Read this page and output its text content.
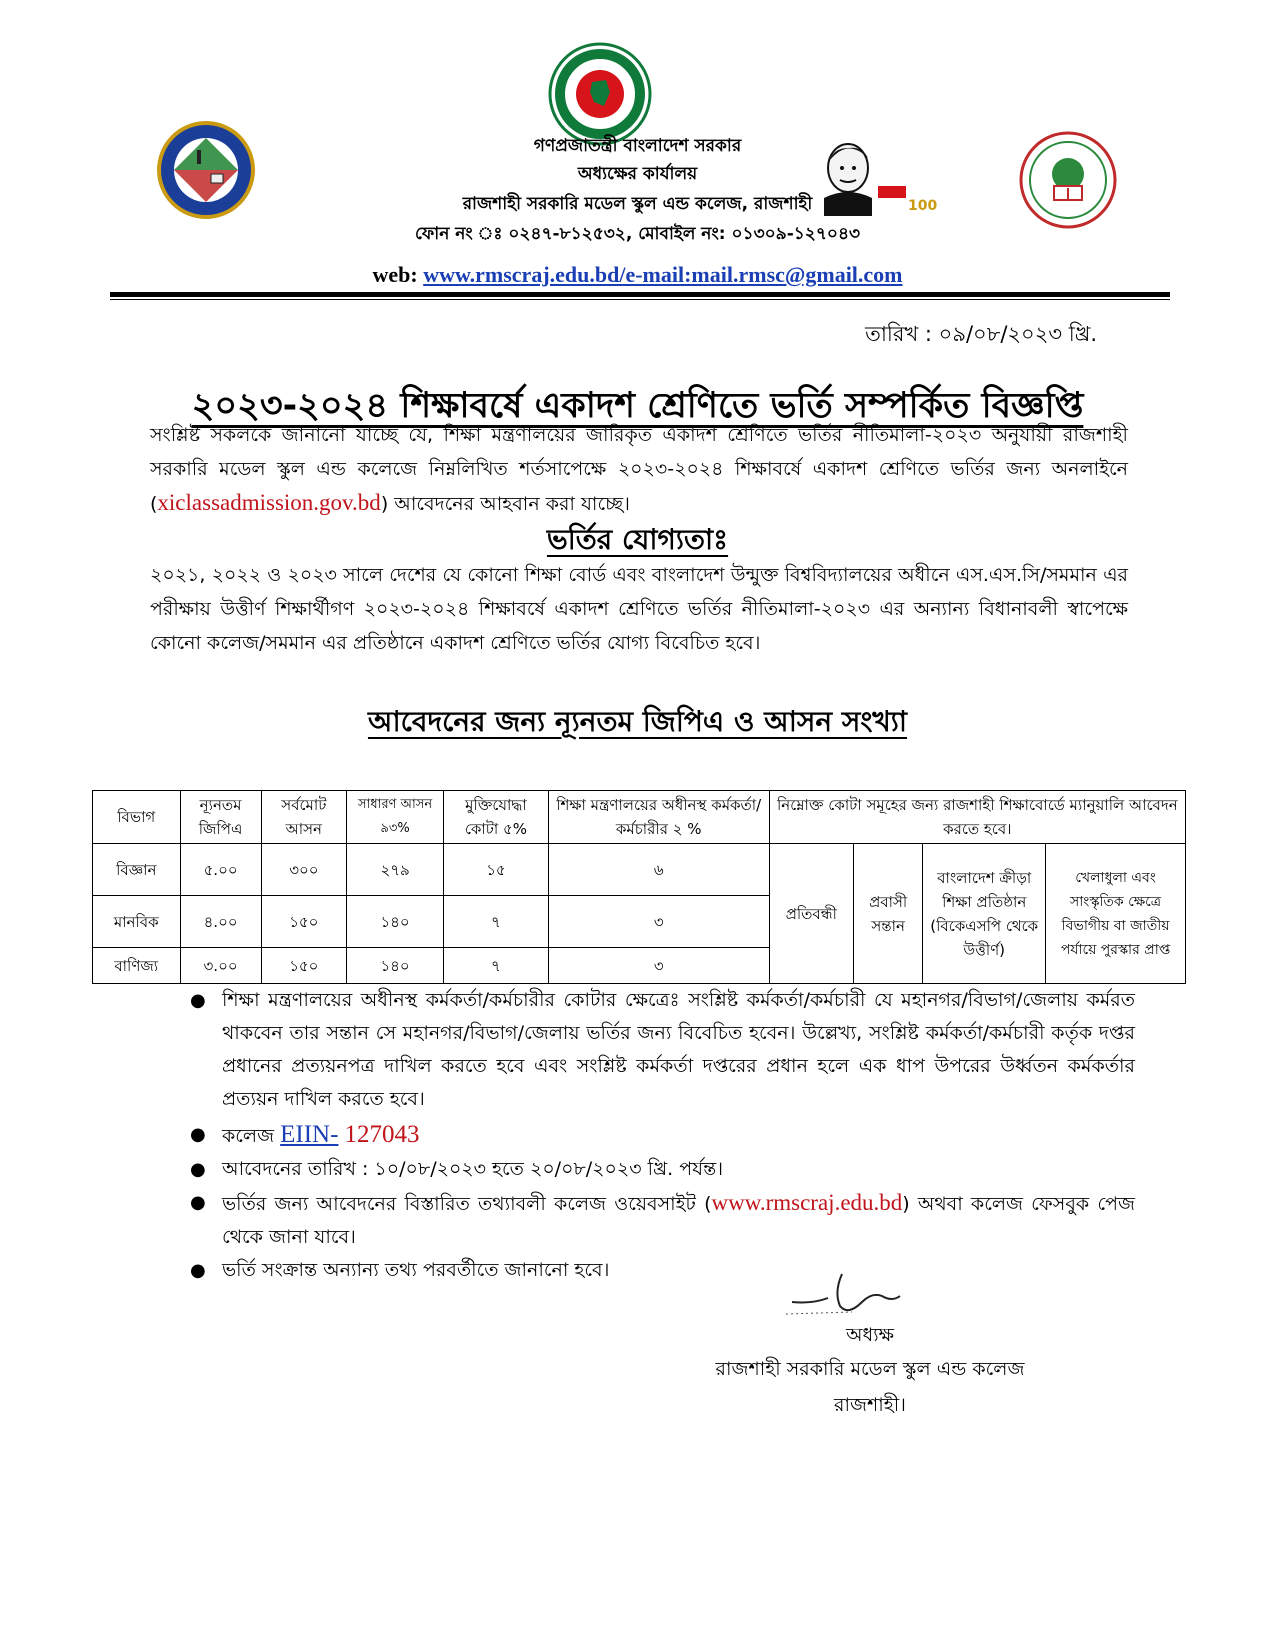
100
গণপ্রজাতন্ত্রী বাংলাদেশ সরকার
অধ্যক্ষের কার্যালয়
রাজশাহী সরকারি মডেল স্কুল এন্ড কলেজ, রাজশাহী
ফোন নং ঃ ০২৪৭-৮১২৫৩২, মোবাইল নং: ০১৩০৯-১২৭০৪৩
web: www.rmscraj.edu.bd/e-mail:mail.rmsc@gmail.com
তারিখ : ০৯/০৮/২০২৩ খ্রি.
২০২৩-২০২৪ শিক্ষাবর্ষে একাদশ শ্রেণিতে ভর্তি সম্পর্কিত বিজ্ঞপ্তি
সংশ্লিষ্ট সকলকে জানানো যাচ্ছে যে, শিক্ষা মন্ত্রণালয়ের জারিকৃত একাদশ শ্রেণিতে ভর্তির নীতিমালা-২০২৩ অনুযায়ী রাজশাহী সরকারি মডেল স্কুল এন্ড কলেজে নিম্নলিখিত শর্তসাপেক্ষে ২০২৩-২০২৪ শিক্ষাবর্ষে একাদশ শ্রেণিতে ভর্তির জন্য অনলাইনে (xiclassadmission.gov.bd) আবেদনের আহবান করা যাচ্ছে।
ভর্তির যোগ্যতাঃ
২০২১, ২০২২ ও ২০২৩ সালে দেশের যে কোনো শিক্ষা বোর্ড এবং বাংলাদেশ উন্মুক্ত বিশ্ববিদ্যালয়ের অধীনে এস.এস.সি/সমমান এর পরীক্ষায় উত্তীর্ণ শিক্ষার্থীগণ ২০২৩-২০২৪ শিক্ষাবর্ষে একাদশ শ্রেণিতে ভর্তির নীতিমালা-২০২৩ এর অন্যান্য বিধানাবলী স্বাপেক্ষে কোনো কলেজ/সমমান এর প্রতিষ্ঠানে একাদশ শ্রেণিতে ভর্তির যোগ্য বিবেচিত হবে।
আবেদনের জন্য ন্যূনতম জিপিএ ও আসন সংখ্যা
বিভাগ	ন্যূনতম জিপিএ	সর্বমোট আসন	সাধারণ আসন ৯৩%	মুক্তিযোদ্ধা কোটা ৫%	শিক্ষা মন্ত্রণালয়ের অধীনস্থ কর্মকর্তা/কর্মচারীর ২ %	নিম্নোক্ত কোটা সমূহের জন্য রাজশাহী শিক্ষাবোর্ডে ম্যানুয়ালি আবেদন করতে হবে।			
বিজ্ঞান	৫.০০	৩০০	২৭৯	১৫	৬	প্রতিবন্ধী	প্রবাসী সন্তান	বাংলাদেশ ক্রীড়া শিক্ষা প্রতিষ্ঠান (বিকেএসপি থেকে উত্তীর্ণ)	খেলাধুলা এবং সাংস্কৃতিক ক্ষেত্রে বিভাগীয় বা জাতীয় পর্যায়ে পুরস্কার প্রাপ্ত
মানবিক	৪.০০	১৫০	১৪০	৭	৩				
বাণিজ্য	৩.০০	১৫০	১৪০	৭	৩				
● শিক্ষা মন্ত্রণালয়ের অধীনস্থ কর্মকর্তা/কর্মচারীর কোটার ক্ষেত্রেঃ সংশ্লিষ্ট কর্মকর্তা/কর্মচারী যে মহানগর/বিভাগ/জেলায় কর্মরত থাকবেন তার সন্তান সে মহানগর/বিভাগ/জেলায় ভর্তির জন্য বিবেচিত হবেন। উল্লেখ্য, সংশ্লিষ্ট কর্মকর্তা/কর্মচারী কর্তৃক দপ্তর প্রধানের প্রত্যয়নপত্র দাখিল করতে হবে এবং সংশ্লিষ্ট কর্মকর্তা দপ্তরের প্রধান হলে এক ধাপ উপরের উর্ধ্বতন কর্মকর্তার প্রত্যয়ন দাখিল করতে হবে।
● কলেজ EIIN- 127043
● আবেদনের তারিখ : ১০/০৮/২০২৩ হতে ২০/০৮/২০২৩ খ্রি. পর্যন্ত।
● ভর্তির জন্য আবেদনের বিস্তারিত তথ্যাবলী কলেজ ওয়েবসাইট (www.rmscraj.edu.bd) অথবা কলেজ ফেসবুক পেজ থেকে জানা যাবে।
● ভর্তি সংক্রান্ত অন্যান্য তথ্য পরবর্তীতে জানানো হবে।
অধ্যক্ষ
রাজশাহী সরকারি মডেল স্কুল এন্ড কলেজ
রাজশাহী।
